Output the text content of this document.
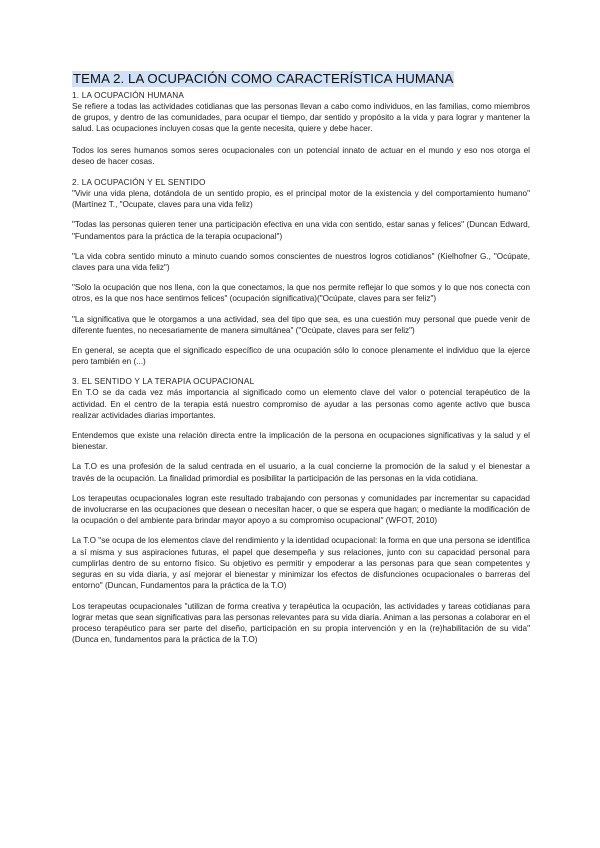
TEMA 2. LA OCUPACIÓN COMO CARACTERÍSTICA HUMANA
1. LA OCUPACIÓN HUMANA

Se refiere a todas las actividades cotidianas que las personas llevan a cabo como individuos, en las familias, como miembros de grupos, y dentro de las comunidades, para ocupar el tiempo, dar sentido y propósito a la vida y para lograr y mantener la salud. Las ocupaciones incluyen cosas que la gente necesita, quiere y debe hacer.

Todos los seres humanos somos seres ocupacionales con un potencial innato de actuar en el mundo y eso nos otorga el deseo de hacer cosas.

2. LA OCUPACIÓN Y EL SENTIDO

"Vivir una vida plena, dotándola de un sentido propio, es el principal motor de la existencia y del comportamiento humano" (Martínez T., "Ocupate, claves para una vida feliz)

"Todas las personas quieren tener una participación efectiva en una vida con sentido, estar sanas y felices" (Duncan Edward, "Fundamentos para la práctica de la terapia ocupacional")

"La vida cobra sentido minuto a minuto cuando somos conscientes de nuestros logros cotidianos" (Kielhofner G., "Ocúpate, claves para una vida feliz")

"Solo la ocupación que nos llena, con la que conectamos, la que nos permite reflejar lo que somos y lo que nos conecta con otros, es la que nos hace sentirnos felices" (ocupación significativa)("Ocúpate, claves para ser feliz")

"La significativa que le otorgamos a una actividad, sea del tipo que sea, es una cuestión muy personal que puede venir de diferente fuentes, no necesariamente de manera simultánea" ("Ocúpate, claves para ser feliz")

En general, se acepta que el significado específico de una ocupación sólo lo conoce plenamente el individuo que la ejerce pero también en (...)

3. EL SENTIDO Y LA TERAPIA OCUPACIONAL

En T.O se da cada vez más importancia al significado como un elemento clave del valor o potencial terapéutico de la actividad. En el centro de la terapia está nuestro compromiso de ayudar a las personas como agente activo que busca realizar actividades diarias importantes.

Entendemos que existe una relación directa entre la implicación de la persona en ocupaciones significativas y la salud y el bienestar.

La T.O es una profesión de la salud centrada en el usuario, a la cual concierne la promoción de la salud y el bienestar a través de la ocupación. La finalidad primordial es posibilitar la participación de las personas en la vida cotidiana.

Los terapeutas ocupacionales logran este resultado trabajando con personas y comunidades par incrementar su capacidad de involucrarse en las ocupaciones que desean o necesitan hacer, o que se espera que hagan; o mediante la modificación de la ocupación o del ambiente para brindar mayor apoyo a su compromiso ocupacional" (WFOT, 2010)

La T.O "se ocupa de los elementos clave del rendimiento y la identidad ocupacional: la forma en que una persona se identifica a sí misma y sus aspiraciones futuras, el papel que desempeña y sus relaciones, junto con su capacidad personal para cumplirlas dentro de su entorno físico. Su objetivo es permitir y empoderar a las personas para que sean competentes y seguras en su vida diaria, y así mejorar el bienestar y minimizar los efectos de disfunciones ocupacionales o barreras del entorno" (Duncan, Fundamentos para la práctica de la T.O)

Los terapeutas ocupacionales "utilizan de forma creativa y terapéutica la ocupación, las actividades y tareas cotidianas para lograr metas que sean significativas para las personas relevantes para su vida diaria. Animan a las personas a colaborar en el proceso terapéutico para ser parte del diseño, participación en su propia intervención y en la (re)habilitación de su vida" (Dunca en, fundamentos para la práctica de la T.O)
